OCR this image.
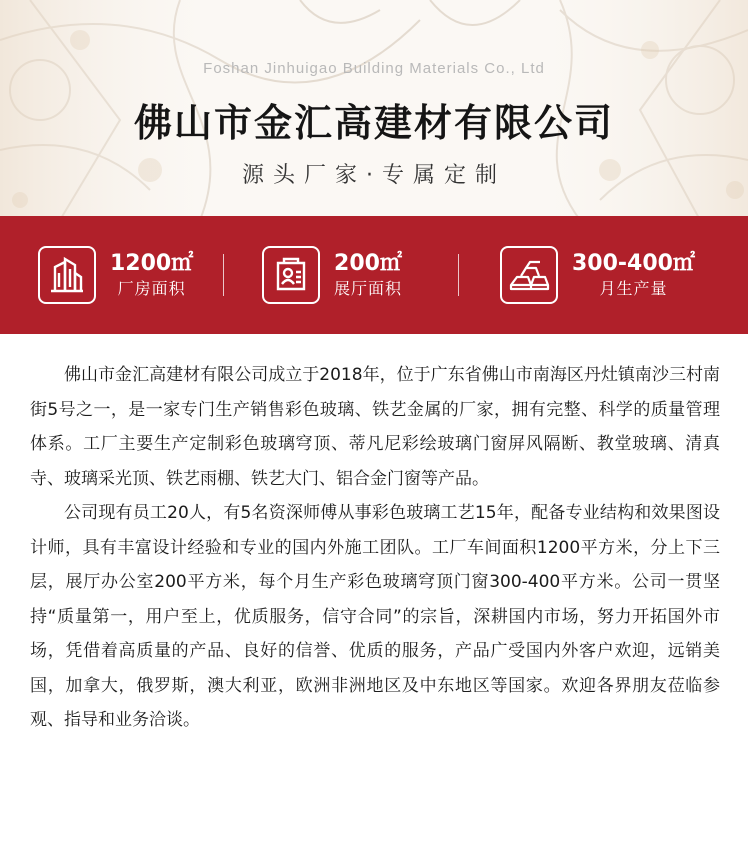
Foshan Jinhuigao Building Materials Co., Ltd
佛山市金汇高建材有限公司
源头厂家·专属定制
1200㎡
厂房面积
200㎡
展厅面积
300-400㎡
月生产量

佛山市金汇高建材有限公司成立于2018年，位于广东省佛山市南海区丹灶镇南沙三村南街5号之一，是一家专门生产销售彩色玻璃、铁艺金属的厂家，拥有完整、科学的质量管理体系。工厂主要生产定制彩色玻璃穹顶、蒂凡尼彩绘玻璃门窗屏风隔断、教堂玻璃、清真寺、玻璃采光顶、铁艺雨棚、铁艺大门、铝合金门窗等产品。

公司现有员工20人，有5名资深师傅从事彩色玻璃工艺15年，配备专业结构和效果图设计师，具有丰富设计经验和专业的国内外施工团队。工厂车间面积1200平方米，分上下三层，展厅办公室200平方米，每个月生产彩色玻璃穹顶门窗300-400平方米。公司一贯坚持“质量第一，用户至上，优质服务，信守合同”的宗旨，深耕国内市场，努力开拓国外市场，凭借着高质量的产品、良好的信誉、优质的服务，产品广受国内外客户欢迎，远销美国，加拿大，俄罗斯，澳大利亚，欧洲非洲地区及中东地区等国家。欢迎各界朋友莅临参观、指导和业务洽谈。
